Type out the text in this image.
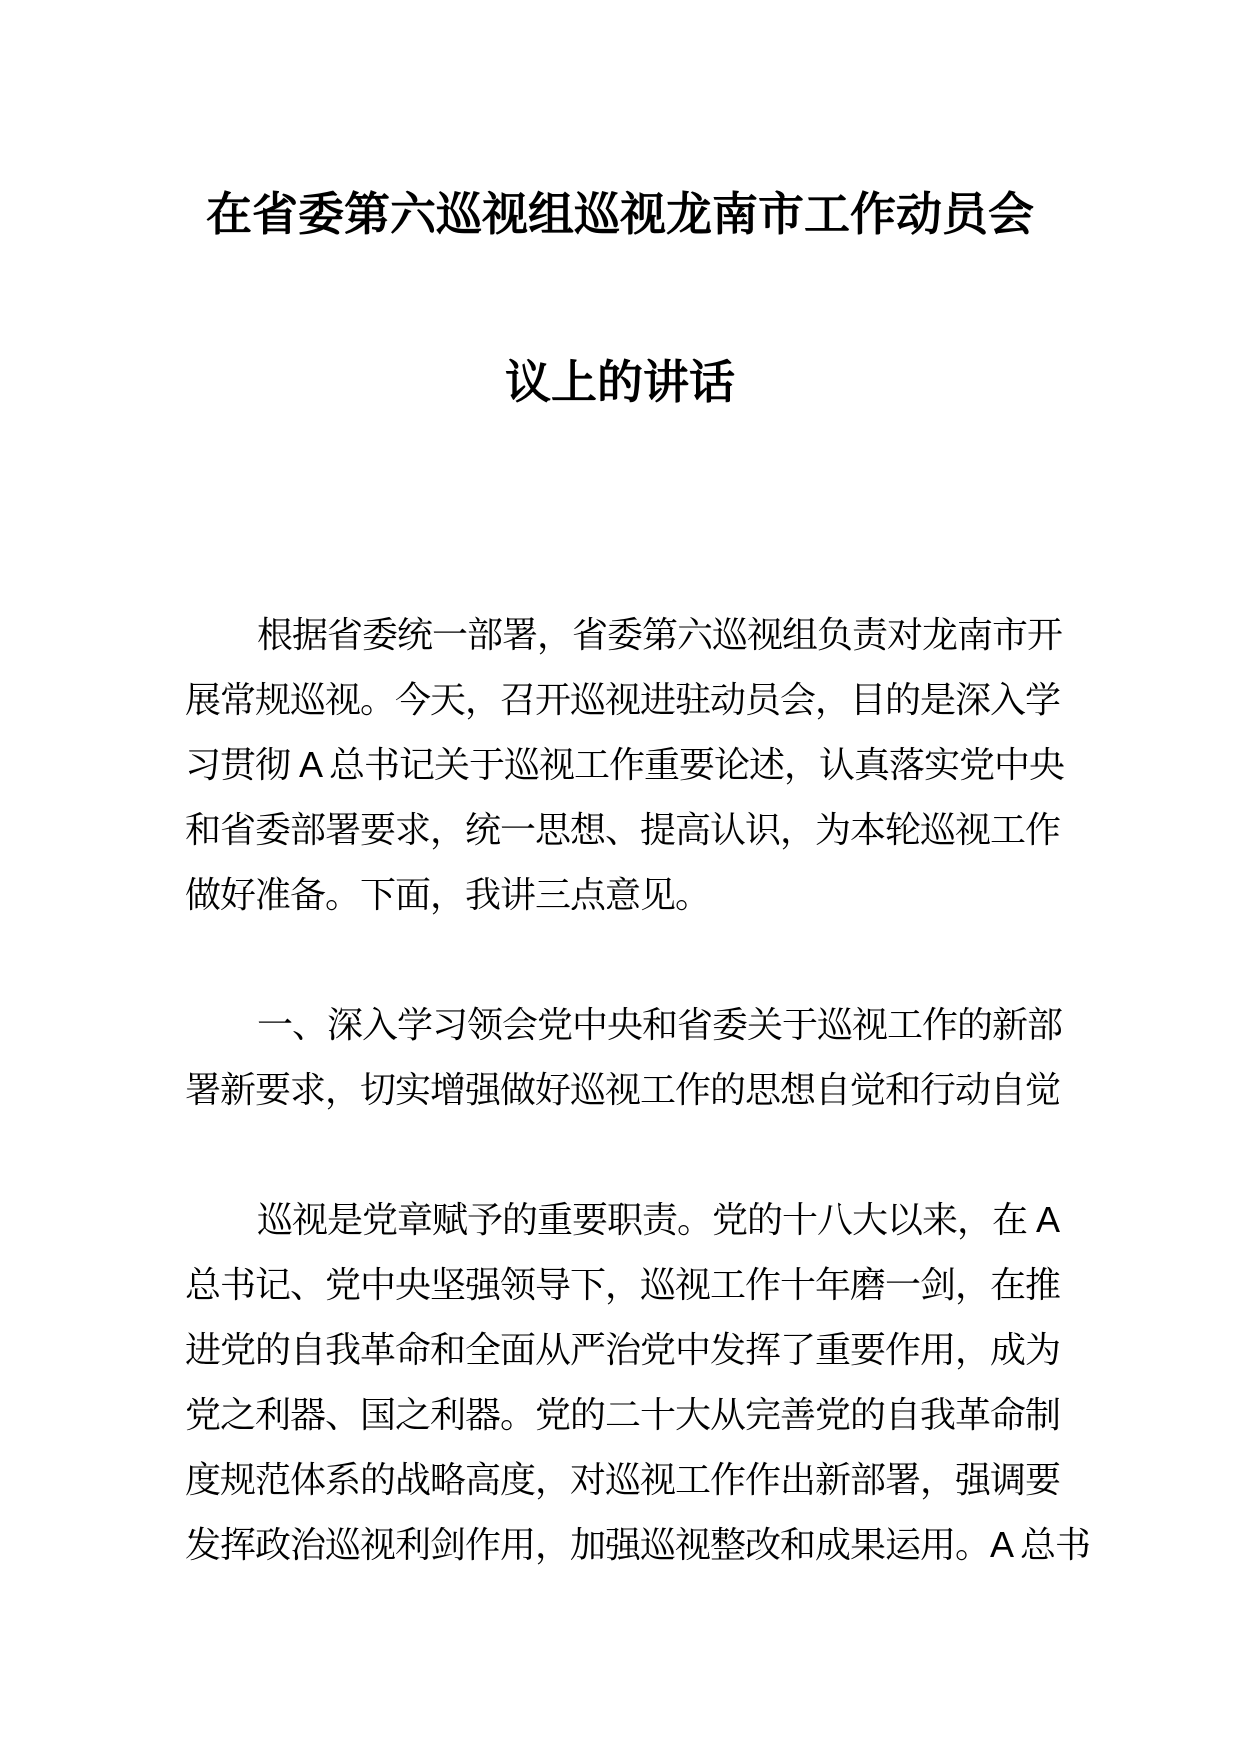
在省委第六巡视组巡视龙南市工作动员会
议上的讲话
根据省委统一部署，省委第六巡视组负责对龙南市开
展常规巡视。今天，召开巡视进驻动员会，目的是深入学
习贯彻 A 总书记关于巡视工作重要论述，认真落实党中央
和省委部署要求，统一思想、提高认识，为本轮巡视工作
做好准备。下面，我讲三点意见。
一、深入学习领会党中央和省委关于巡视工作的新部
署新要求，切实增强做好巡视工作的思想自觉和行动自觉
巡视是党章赋予的重要职责。党的十八大以来，在 A
总书记、党中央坚强领导下，巡视工作十年磨一剑，在推
进党的自我革命和全面从严治党中发挥了重要作用，成为
党之利器、国之利器。党的二十大从完善党的自我革命制
度规范体系的战略高度，对巡视工作作出新部署，强调要
发挥政治巡视利剑作用，加强巡视整改和成果运用。A 总书
